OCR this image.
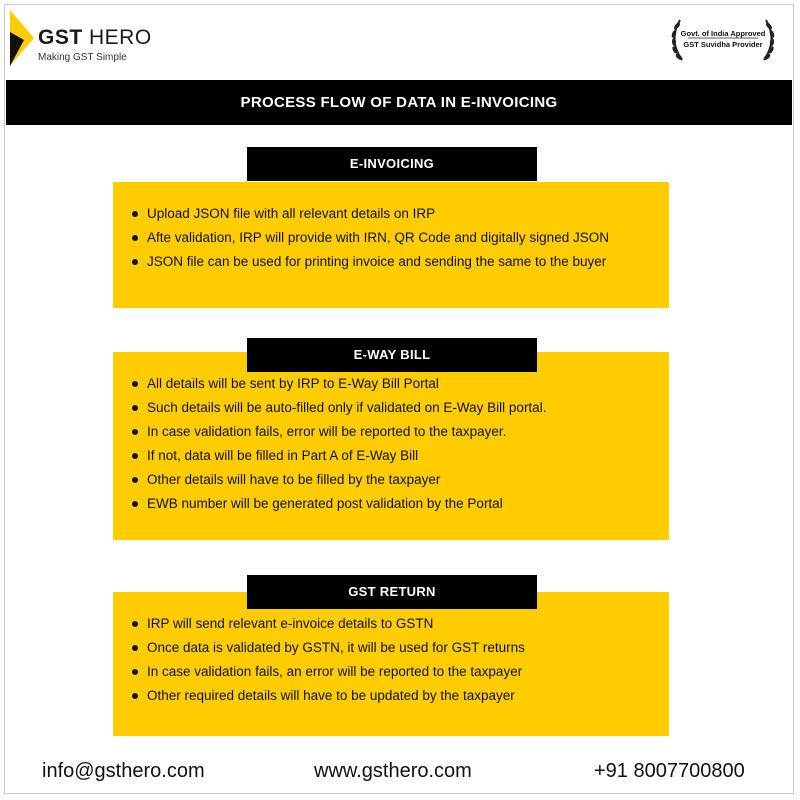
GST HERO
Making GST Simple
Govt. of India Approved
GST Suvidha Provider
PROCESS FLOW OF DATA IN E-INVOICING
Upload JSON file with all relevant details on IRP
Afte validation, IRP will provide with IRN, QR Code and digitally signed JSON
JSON file can be used for printing invoice and sending the same to the buyer
E-INVOICING
All details will be sent by IRP to E-Way Bill Portal
Such details will be auto-filled only if validated on E-Way Bill portal.
In case validation fails, error will be reported to the taxpayer.
If not, data will be filled in Part A of E-Way Bill
Other details will have to be filled by the taxpayer
EWB number will be generated post validation by the Portal
E-WAY BILL
IRP will send relevant e-invoice details to GSTN
Once data is validated by GSTN, it will be used for GST returns
In case validation fails, an error will be reported to the taxpayer
Other required details will have to be updated by the taxpayer
GST RETURN
info@gsthero.com	www.gsthero.com	+91 8007700800
